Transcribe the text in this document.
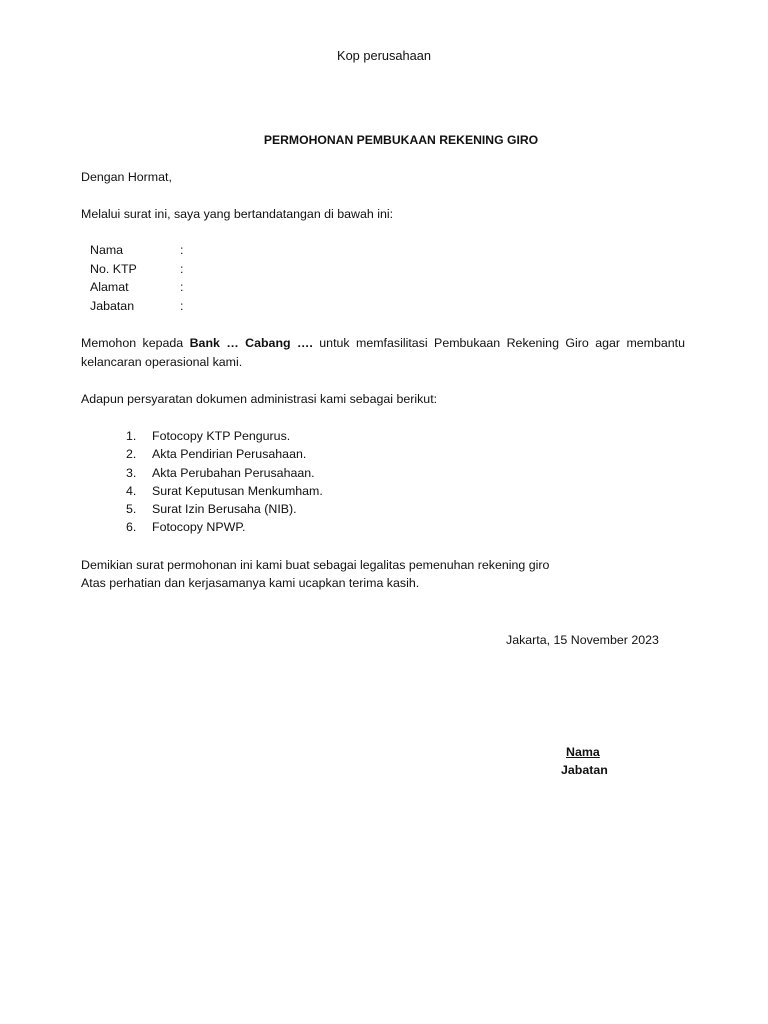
Kop perusahaan
PERMOHONAN PEMBUKAAN REKENING GIRO
Dengan Hormat,
Melalui surat ini, saya yang bertandatangan di bawah ini:
Nama	:
No. KTP	:
Alamat	:
Jabatan	:
Memohon kepada Bank … Cabang …. untuk memfasilitasi Pembukaan Rekening Giro agar membantu kelancaran operasional kami.
Adapun persyaratan dokumen administrasi kami sebagai berikut:
1.	Fotocopy KTP Pengurus.
2.	Akta Pendirian Perusahaan.
3.	Akta Perubahan Perusahaan.
4.	Surat Keputusan Menkumham.
5.	Surat Izin Berusaha (NIB).
6.	Fotocopy NPWP.
Demikian surat permohonan ini kami buat sebagai legalitas pemenuhan rekening giro
Atas perhatian dan kerjasamanya kami ucapkan terima kasih.
Jakarta, 15 November 2023
Nama
Jabatan
